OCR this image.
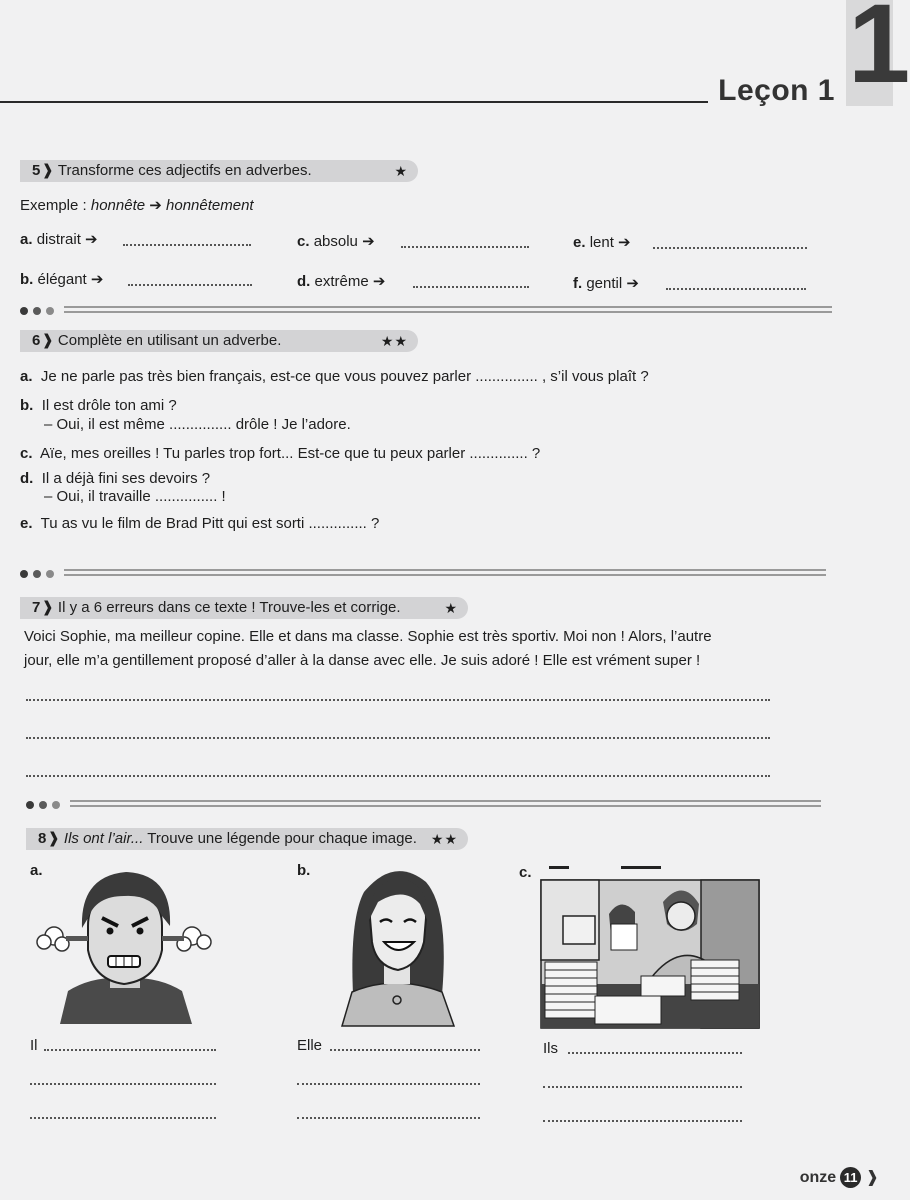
1
Leçon 1
5❱ Transforme ces adjectifs en adverbes.	★
Exemple : honnête ➔ honnêtement
a. distrait ➔	c. absolu ➔	e. lent ➔
b. élégant ➔	d. extrême ➔	f. gentil ➔
6❱ Complète en utilisant un adverbe.	★★
a. Je ne parle pas très bien français, est-ce que vous pouvez parler ............... , s’il vous plaît ?
b. Il est drôle ton ami ?
– Oui, il est même ............... drôle ! Je l’adore.
c. Aïe, mes oreilles ! Tu parles trop fort... Est-ce que tu peux parler .............. ?
d. Il a déjà fini ses devoirs ?
– Oui, il travaille ............... !
e. Tu as vu le film de Brad Pitt qui est sorti .............. ?
7❱ Il y a 6 erreurs dans ce texte ! Trouve-les et corrige.	★
Voici Sophie, ma meilleur copine. Elle et dans ma classe. Sophie est très sportiv. Moi non ! Alors, l’autre
jour, elle m’a gentillement proposé d’aller à la danse avec elle. Je suis adoré ! Elle est vrément super !
8❱ Ils ont l’air... Trouve une légende pour chaque image. ★★
a.	b.	c.
Il	Elle	Ils
onze 11 ❱
